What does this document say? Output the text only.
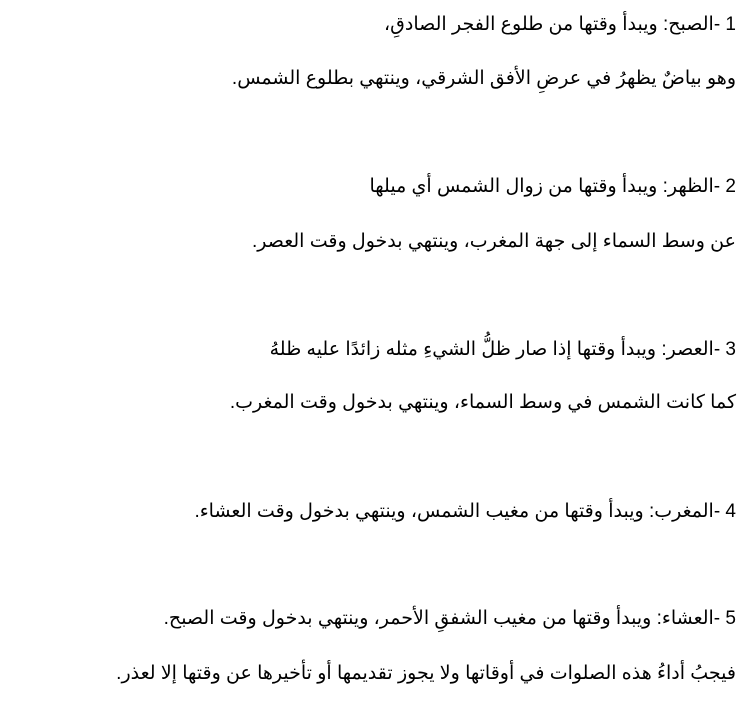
1 -الصبح: ويبدأ وقتها من طلوع الفجر الصادقِ،
وهو بياضٌ يظهرُ في عرضِ الأفق الشرقي، وينتهي بطلوع الشمس.
2 -الظهر: ويبدأ وقتها من زوال الشمس أي ميلها
عن وسط السماء إلى جهة المغرب، وينتهي بدخول وقت العصر.
3 -العصر: ويبدأ وقتها إذا صار ظلُّ الشيءِ مثله زائدًا عليه ظلهُ
كما كانت الشمس في وسط السماء، وينتهي بدخول وقت المغرب.
4 -المغرب: ويبدأ وقتها من مغيب الشمس، وينتهي بدخول وقت العشاء.
5 -العشاء: ويبدأ وقتها من مغيب الشفقِ الأحمر، وينتهي بدخول وقت الصبح.
فيجبُ أداءُ هذه الصلوات في أوقاتها ولا يجوز تقديمها أو تأخيرها عن وقتها إلا لعذر.
